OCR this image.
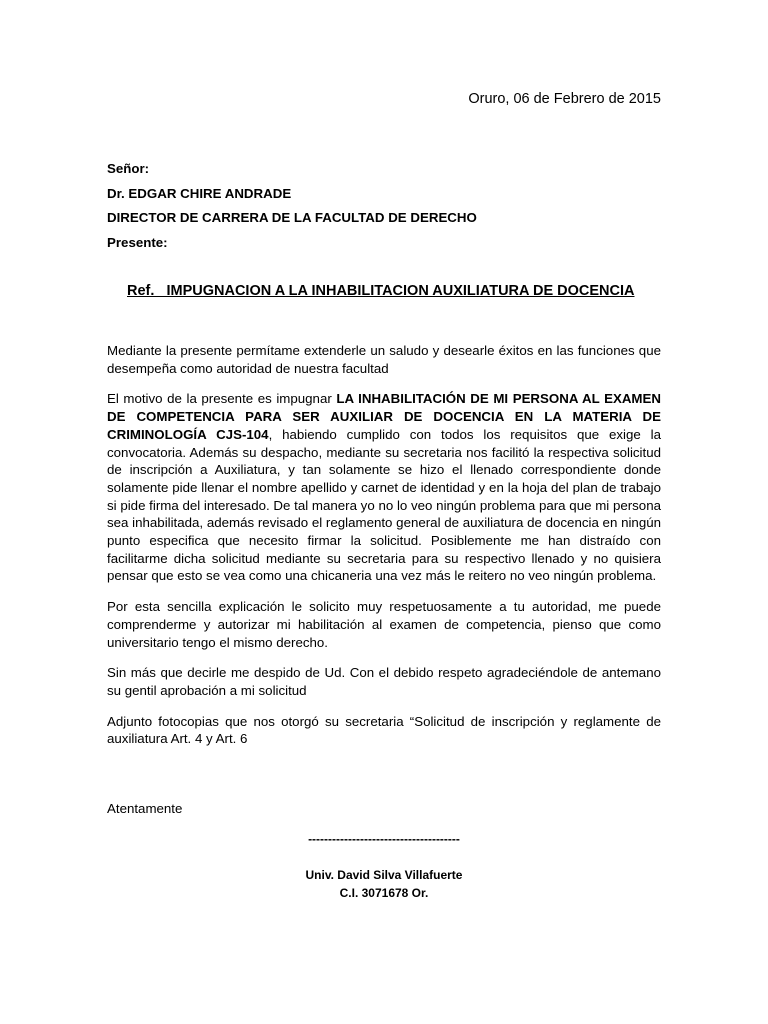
Oruro, 06 de Febrero de 2015
Señor:
Dr. EDGAR CHIRE ANDRADE
DIRECTOR DE CARRERA DE LA FACULTAD DE DERECHO
Presente:
Ref.   IMPUGNACION A LA INHABILITACION AUXILIATURA DE DOCENCIA

Mediante la presente permítame extenderle un saludo y desearle éxitos en las funciones que desempeña como autoridad de nuestra facultad

El motivo de la presente es impugnar LA INHABILITACIÓN DE MI PERSONA AL EXAMEN DE COMPETENCIA PARA SER AUXILIAR DE DOCENCIA EN LA MATERIA DE CRIMINOLOGÍA CJS-104, habiendo cumplido con todos los requisitos que exige la convocatoria. Además su despacho, mediante su secretaria nos facilitó la respectiva solicitud de inscripción a Auxiliatura, y tan solamente se hizo el llenado correspondiente donde solamente pide llenar el nombre apellido y carnet de identidad y en la hoja del plan de trabajo si pide firma del interesado. De tal manera yo no lo veo ningún problema para que mi persona sea inhabilitada, además revisado el reglamento general de auxiliatura de docencia en ningún punto especifica que necesito firmar la solicitud. Posiblemente me han distraído con facilitarme dicha solicitud mediante su secretaria para su respectivo llenado y no quisiera pensar que esto se vea como una chicaneria una vez más le reitero no veo ningún problema.

Por esta sencilla explicación le solicito muy respetuosamente a tu autoridad, me puede comprenderme y autorizar mi habilitación al examen de competencia, pienso que como universitario tengo el mismo derecho.

Sin más que decirle me despido de Ud. Con el debido respeto agradeciéndole de antemano su gentil aprobación a mi solicitud

Adjunto fotocopias que nos otorgó su secretaria “Solicitud de inscripción y reglamente de auxiliatura Art. 4 y Art. 6

Atentamente
--------------------------------------
Univ. David Silva Villafuerte
C.I. 3071678 Or.
